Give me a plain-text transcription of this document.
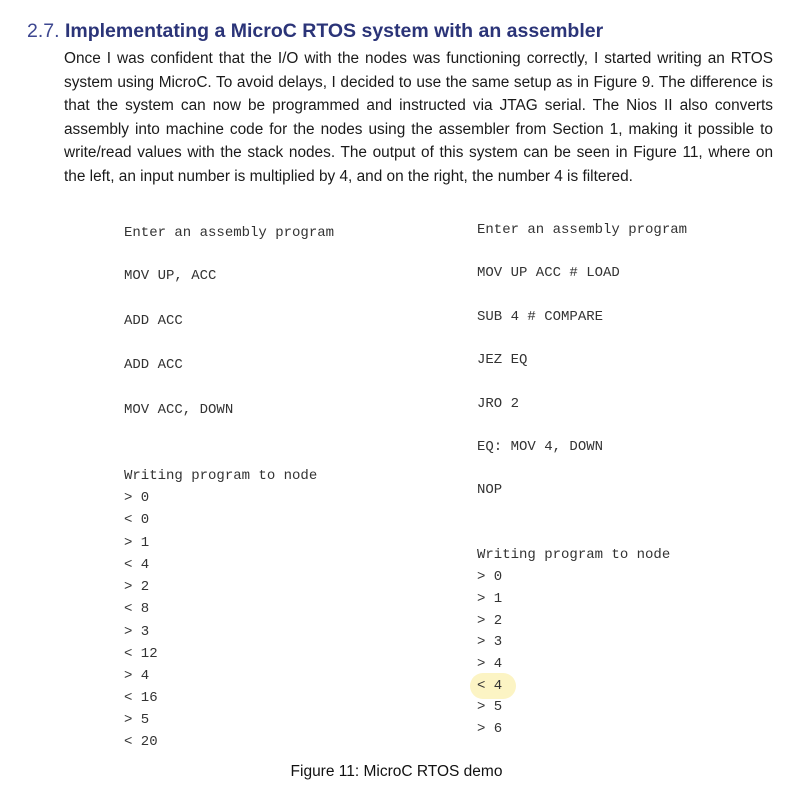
2.7. Implementating a MicroC RTOS system with an assembler
Once I was confident that the I/O with the nodes was functioning correctly, I started writing an RTOS system using MicroC. To avoid delays, I decided to use the same setup as in Figure 9. The difference is that the system can now be programmed and instructed via JTAG serial. The Nios II also converts assembly into machine code for the nodes using the assembler from Section 1, making it possible to write/read values with the stack nodes. The output of this system can be seen in Figure 11, where on the left, an input number is multiplied by 4, and on the right, the number 4 is filtered.

Enter an assembly program

MOV UP, ACC

ADD ACC

ADD ACC

MOV ACC, DOWN

Writing program to node

> 0

< 0

> 1

< 4

> 2

< 8

> 3

< 12

> 4

< 16

> 5

< 20

Enter an assembly program

MOV UP ACC # LOAD

SUB 4 # COMPARE

JEZ EQ

JRO 2

EQ: MOV 4, DOWN

NOP

Writing program to node

> 0

> 1

> 2

> 3

> 4

< 4

> 5

> 6

Figure 11: MicroC RTOS demo
